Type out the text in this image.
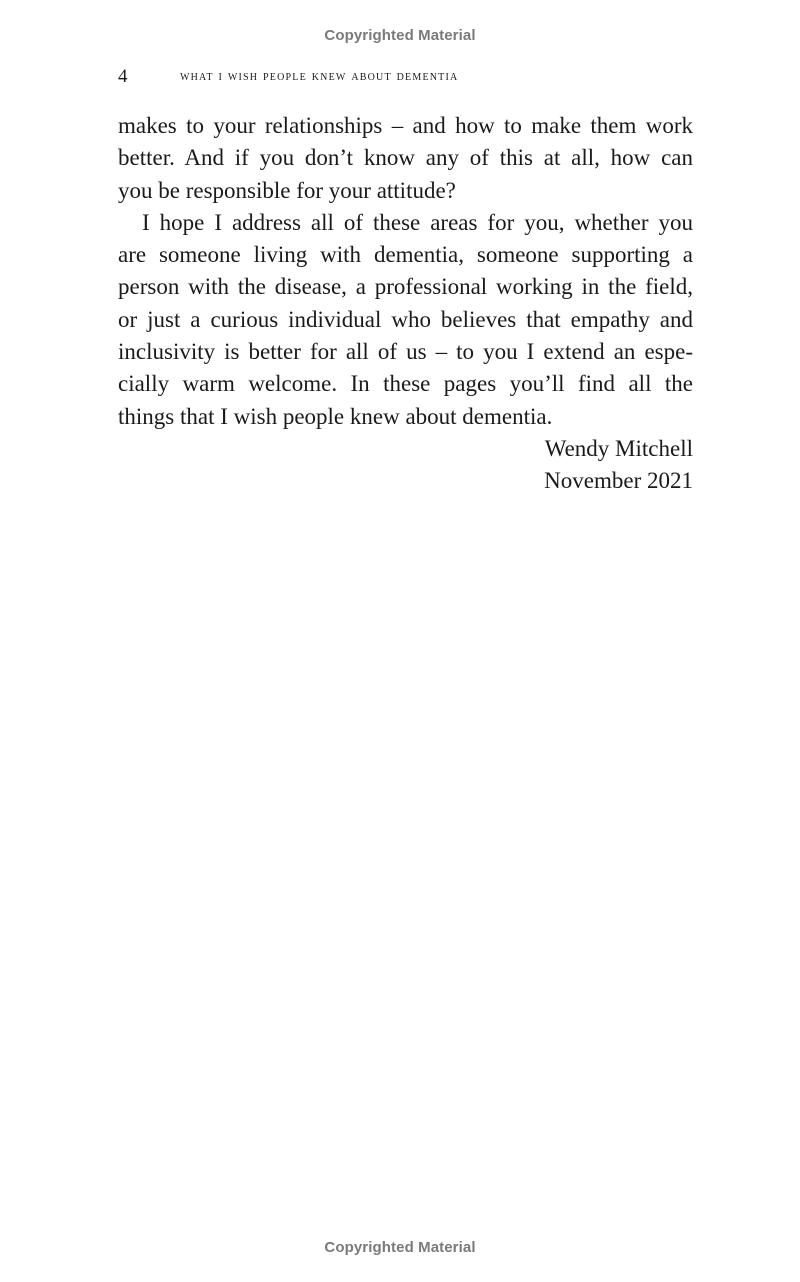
Copyrighted Material
4	what i wish people knew about dementia

makes to your relationships – and how to make them work
better. And if you don’t know any of this at all, how can
you be responsible for your attitude?

I hope I address all of these areas for you, whether you
are someone living with dementia, someone supporting a
person with the disease, a professional working in the field,
or just a curious individual who believes that empathy and
inclusivity is better for all of us – to you I extend an espe-
cially warm welcome. In these pages you’ll find all the
things that I wish people knew about dementia.

Wendy Mitchell
November 2021

Copyrighted Material
